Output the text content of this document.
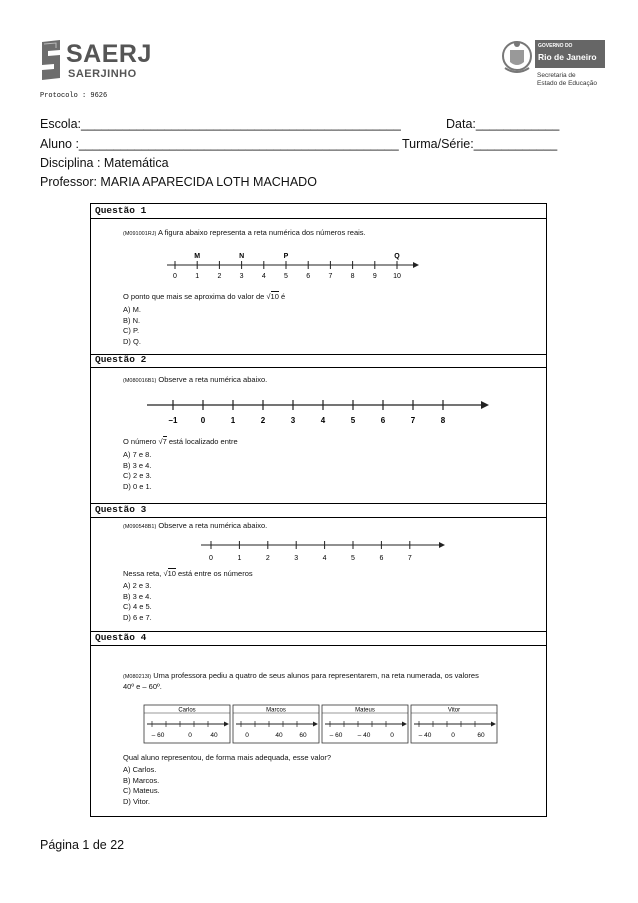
SAERJ
SAERJINHO
GOVERNO DO
Rio de Janeiro
Secretaria de
Estado de Educação
Protocolo : 9626
Escola:______________________________________________	Data:____________
Aluno :______________________________________________ Turma/Série:____________
Disciplina : Matemática
Professor: MARIA APARECIDA LOTH MACHADO
Questão 1
(M091001RJ) A figura abaixo representa a reta numérica dos números reais.
0	1	2	3	4	5	6	7	8	9 10
M	N	P	Q
O ponto que mais se aproxima do valor de √10 é
A) M.
B) N.
C) P.
D) Q.
Questão 2
(M080016B1) Observe a reta numérica abaixo.
–1	0	1	2	3	4	5	6	7	8
O número √7 está localizado entre
A) 7 e 8.
B) 3 e 4.
C) 2 e 3.
D) 0 e 1.
Questão 3
(M090548B1) Observe a reta numérica abaixo.
0	1	2	3	4	5	6	7
Nessa reta, √10 está entre os números
A) 2 e 3.
B) 3 e 4.
C) 4 e 5.
D) 6 e 7.
Questão 4
(M080213I) Uma professora pediu a quatro de seus alunos para representarem, na reta numerada, os valores
40º e – 60º.
Carlos
– 60	0	40
Marcos
0	40	60
Mateus
– 60 – 40	0
Vitor
– 40	0	60
Qual aluno representou, de forma mais adequada, esse valor?
A) Carlos.
B) Marcos.
C) Mateus.
D) Vitor.
Página 1 de 22
